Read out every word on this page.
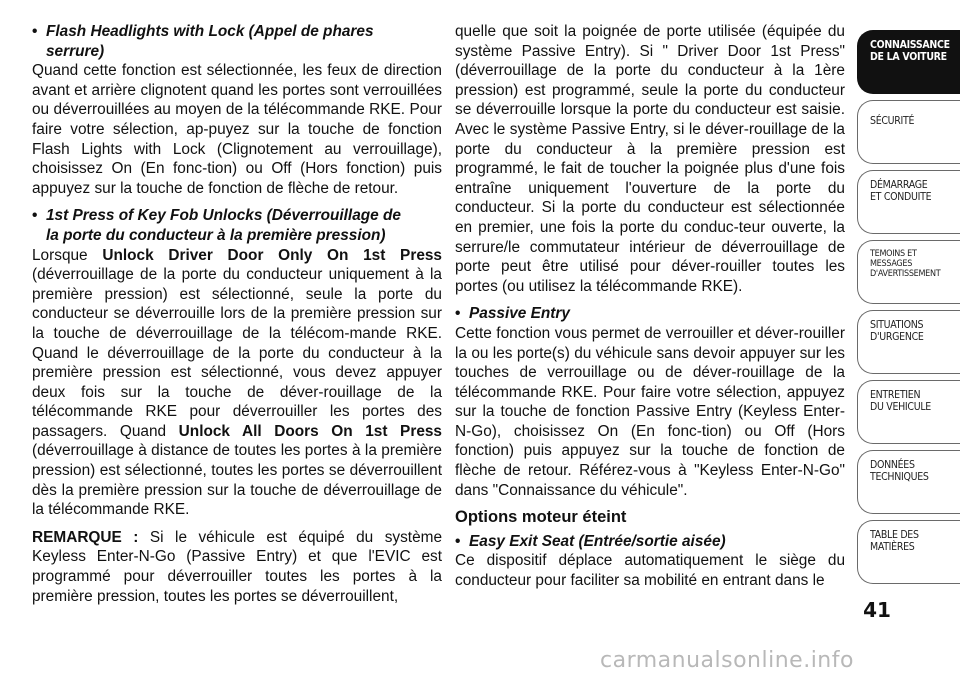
• Flash Headlights with Lock (Appel de phares
serrure)

Quand cette fonction est sélectionnée, les feux de direction avant et arrière clignotent quand les portes sont verrouillées ou déverrouillées au moyen de la télécommande RKE. Pour faire votre sélection, ap-puyez sur la touche de fonction Flash Lights with Lock (Clignotement au verrouillage), choisissez On (En fonc-tion) ou Off (Hors fonction) puis appuyez sur la touche de fonction de flèche de retour.

• 1st Press of Key Fob Unlocks (Déverrouillage de
la porte du conducteur à la première pression)

Lorsque Unlock Driver Door Only On 1st Press (déverrouillage de la porte du conducteur uniquement à la première pression) est sélectionné, seule la porte du conducteur se déverrouille lors de la première pression sur la touche de déverrouillage de la télécom-mande RKE. Quand le déverrouillage de la porte du conducteur à la première pression est sélectionné, vous devez appuyer deux fois sur la touche de déver-rouillage de la télécommande RKE pour déverrouiller les portes des passagers. Quand Unlock All Doors On 1st Press (déverrouillage à distance de toutes les portes à la première pression) est sélectionné, toutes les portes se déverrouillent dès la première pression sur la touche de déverrouillage de la télécommande RKE.

REMARQUE : Si le véhicule est équipé du système Keyless Enter-N-Go (Passive Entry) et que l'EVIC est programmé pour déverrouiller toutes les portes à la première pression, toutes les portes se déverrouillent,

quelle que soit la poignée de porte utilisée (équipée du système Passive Entry). Si " Driver Door 1st Press" (déverrouillage de la porte du conducteur à la 1ère pression) est programmé, seule la porte du conducteur se déverrouille lorsque la porte du conducteur est saisie. Avec le système Passive Entry, si le déver-rouillage de la porte du conducteur à la première pression est programmé, le fait de toucher la poignée plus d'une fois entraîne uniquement l'ouverture de la porte du conducteur. Si la porte du conducteur est sélectionnée en premier, une fois la porte du conduc-teur ouverte, la serrure/le commutateur intérieur de déverrouillage de porte peut être utilisé pour déver-rouiller toutes les portes (ou utilisez la télécommande RKE).

• Passive Entry

Cette fonction vous permet de verrouiller et déver-rouiller la ou les porte(s) du véhicule sans devoir appuyer sur les touches de verrouillage ou de déver-rouillage de la télécommande RKE. Pour faire votre sélection, appuyez sur la touche de fonction Passive Entry (Keyless Enter-N-Go), choisissez On (En fonc-tion) ou Off (Hors fonction) puis appuyez sur la touche de fonction de flèche de retour. Référez-vous à "Keyless Enter-N-Go" dans "Connaissance du véhicule".

Options moteur éteint

• Easy Exit Seat (Entrée/sortie aisée)

Ce dispositif déplace automatiquement le siège du conducteur pour faciliter sa mobilité en entrant dans le

CONNAISSANCE
DE LA VOITURE
SÉCURITÉ
DÉMARRAGE
ET CONDUITE
TEMOINS ET
MESSAGES
D'AVERTISSEMENT
SITUATIONS
D'URGENCE
ENTRETIEN
DU VEHICULE
DONNÉES
TECHNIQUES
TABLE DES
MATIÈRES
41
carmanualsonline.info
